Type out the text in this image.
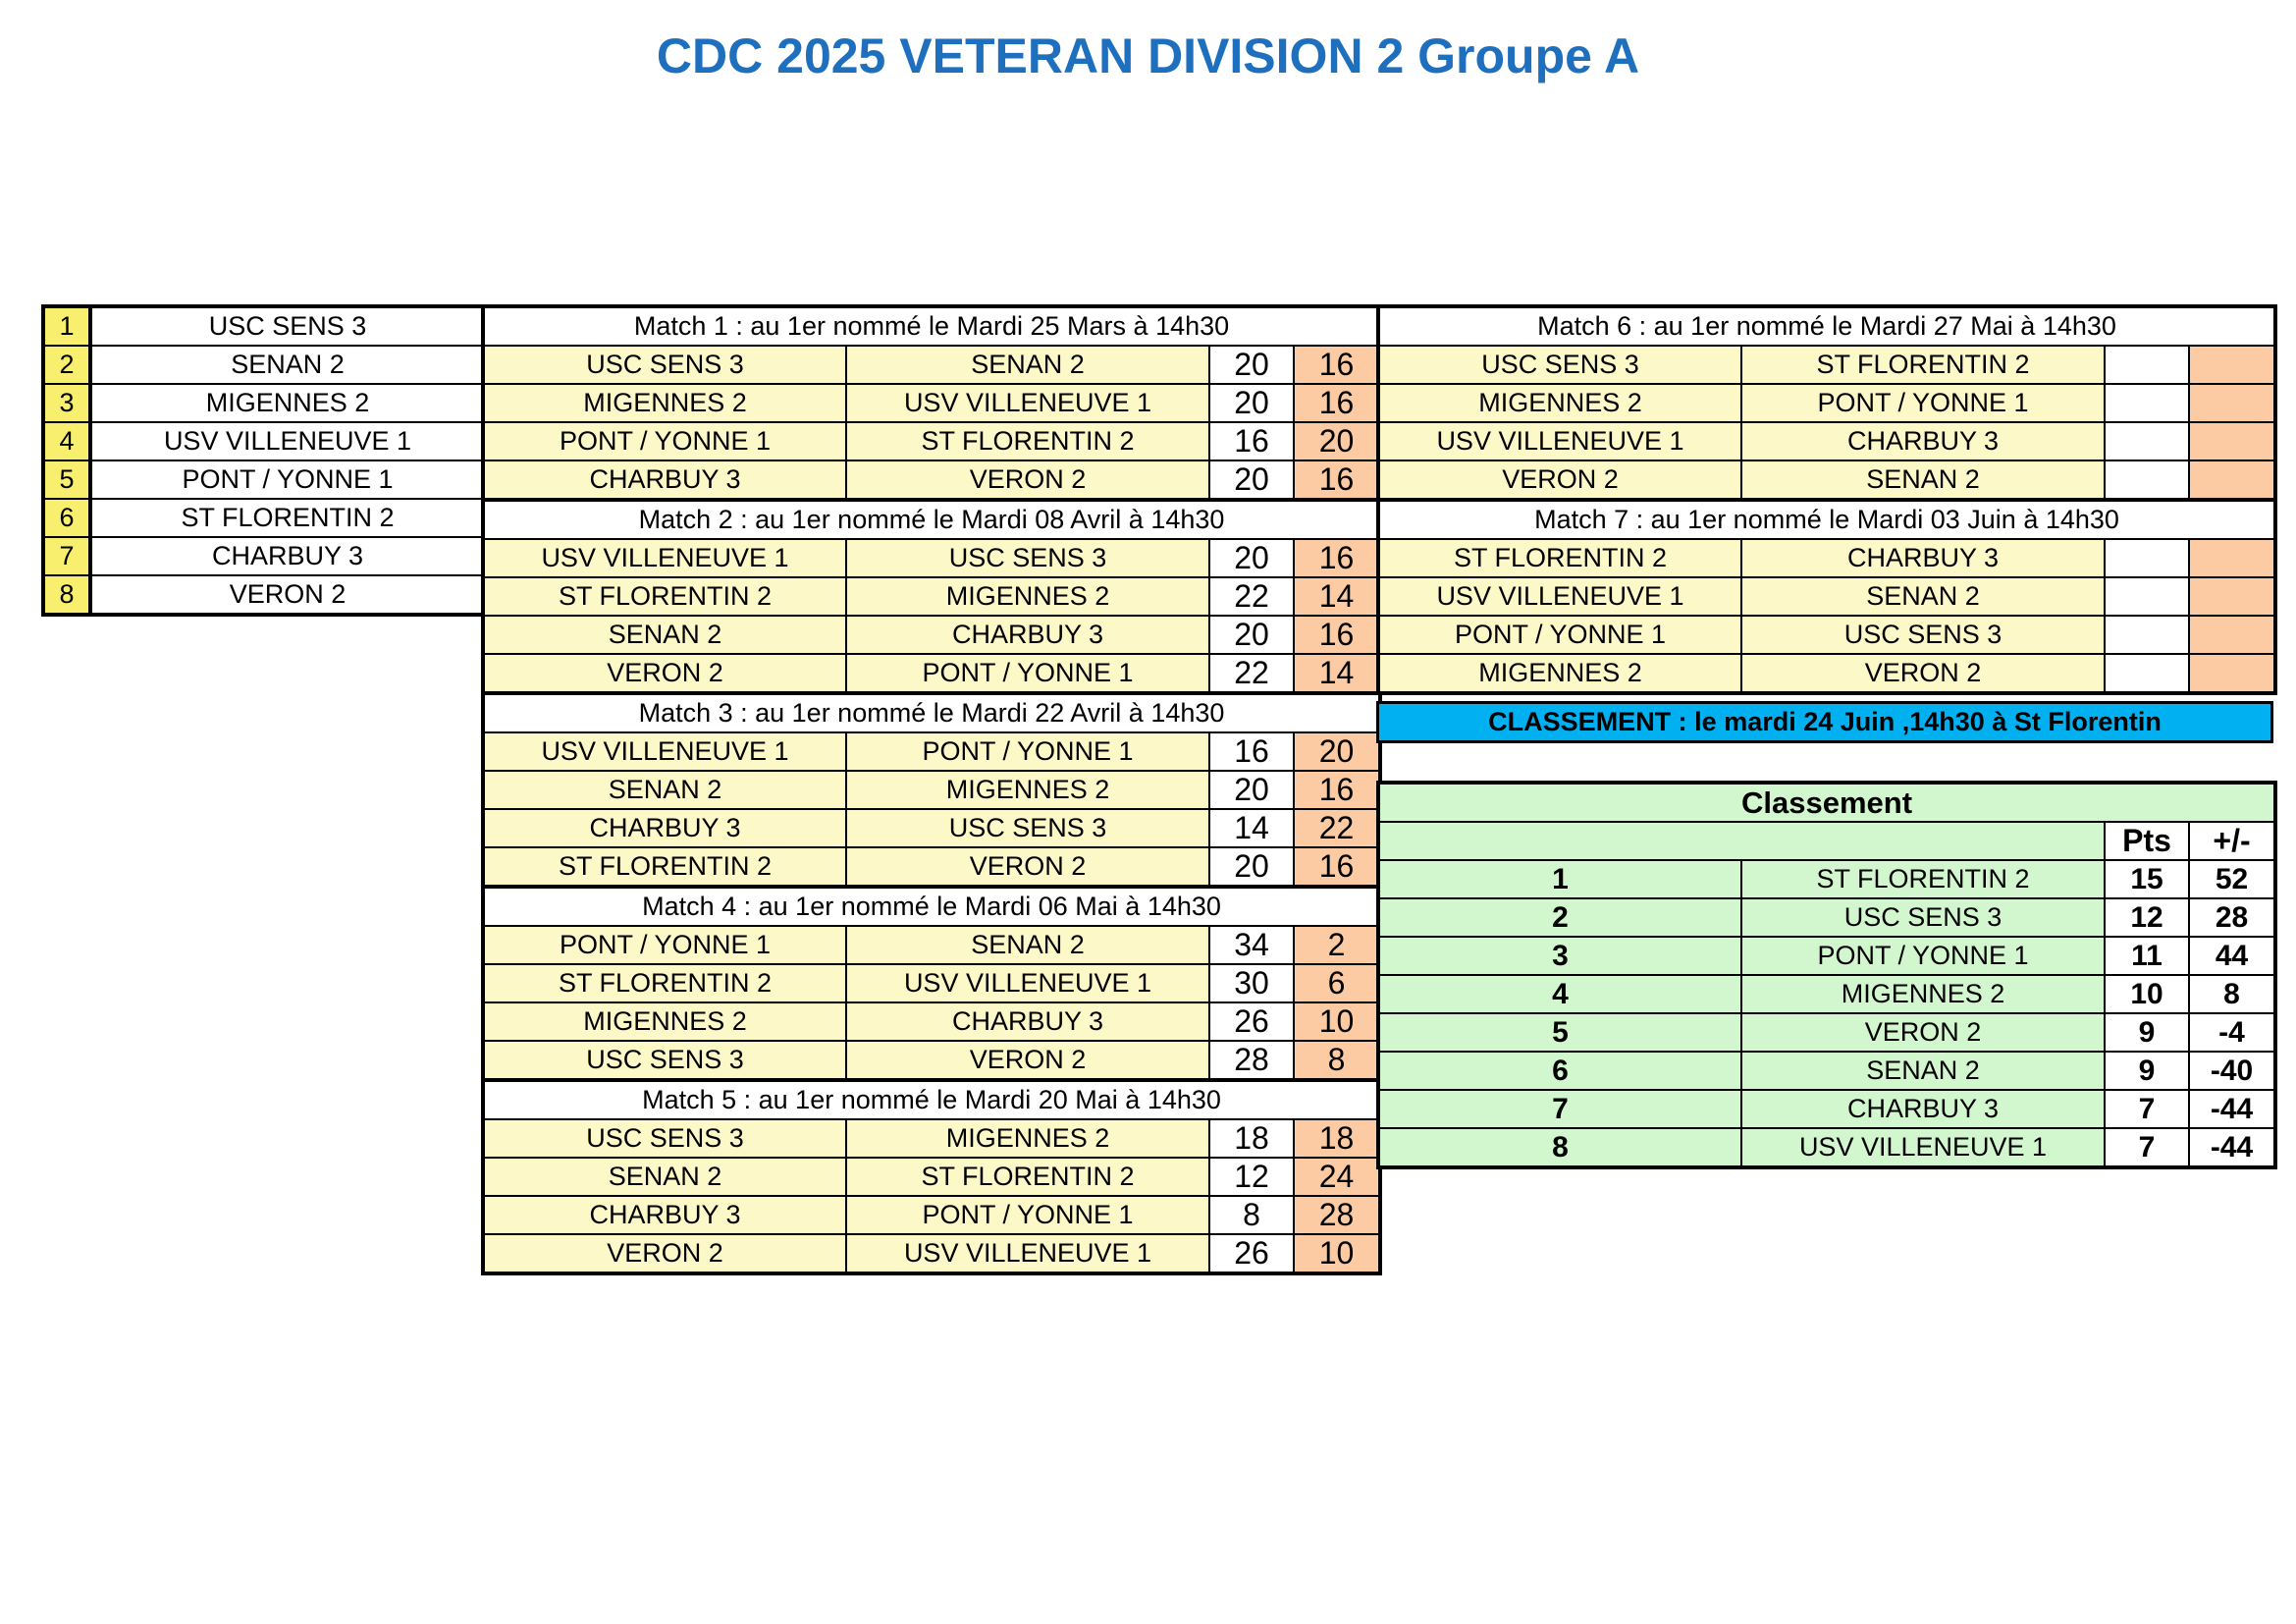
CDC 2025 VETERAN DIVISION 2 Groupe A
1	USC SENS 3
2	SENAN 2
3	MIGENNES 2
4	USV VILLENEUVE 1
5	PONT / YONNE 1
6	ST FLORENTIN 2
7	CHARBUY 3
8	VERON 2
Match 1 : au 1er nommé le Mardi 25 Mars à 14h30			
USC SENS 3	SENAN 2	20	16
MIGENNES 2	USV VILLENEUVE 1	20	16
PONT / YONNE 1	ST FLORENTIN 2	16	20
CHARBUY 3	VERON 2	20	16
Match 2 : au 1er nommé le Mardi 08 Avril à 14h30			
USV VILLENEUVE 1	USC SENS 3	20	16
ST FLORENTIN 2	MIGENNES 2	22	14
SENAN 2	CHARBUY 3	20	16
VERON 2	PONT / YONNE 1	22	14
Match 3 : au 1er nommé le Mardi 22 Avril à 14h30			
USV VILLENEUVE 1	PONT / YONNE 1	16	20
SENAN 2	MIGENNES 2	20	16
CHARBUY 3	USC SENS 3	14	22
ST FLORENTIN 2	VERON 2	20	16
Match 4 : au 1er nommé le Mardi 06 Mai à 14h30			
PONT / YONNE 1	SENAN 2	34	2
ST FLORENTIN 2	USV VILLENEUVE 1	30	6
MIGENNES 2	CHARBUY 3	26	10
USC SENS 3	VERON 2	28	8
Match 5 : au 1er nommé le Mardi 20 Mai à 14h30			
USC SENS 3	MIGENNES 2	18	18
SENAN 2	ST FLORENTIN 2	12	24
CHARBUY 3	PONT / YONNE 1	8	28
VERON 2	USV VILLENEUVE 1	26	10
Match 6 : au 1er nommé le Mardi 27 Mai à 14h30			
USC SENS 3	ST FLORENTIN 2		
MIGENNES 2	PONT / YONNE 1		
USV VILLENEUVE 1	CHARBUY 3		
VERON 2	SENAN 2		
Match 7 : au 1er nommé le Mardi 03 Juin à 14h30			
ST FLORENTIN 2	CHARBUY 3		
USV VILLENEUVE 1	SENAN 2		
PONT / YONNE 1	USC SENS 3		
MIGENNES 2	VERON 2		
CLASSEMENT : le mardi 24 Juin ,14h30 à St Florentin
Classement			
		Pts	+/-
1	ST FLORENTIN 2	15	52
2	USC SENS 3	12	28
3	PONT / YONNE 1	11	44
4	MIGENNES 2	10	8
5	VERON 2	9	-4
6	SENAN 2	9	-40
7	CHARBUY 3	7	-44
8	USV VILLENEUVE 1	7	-44
